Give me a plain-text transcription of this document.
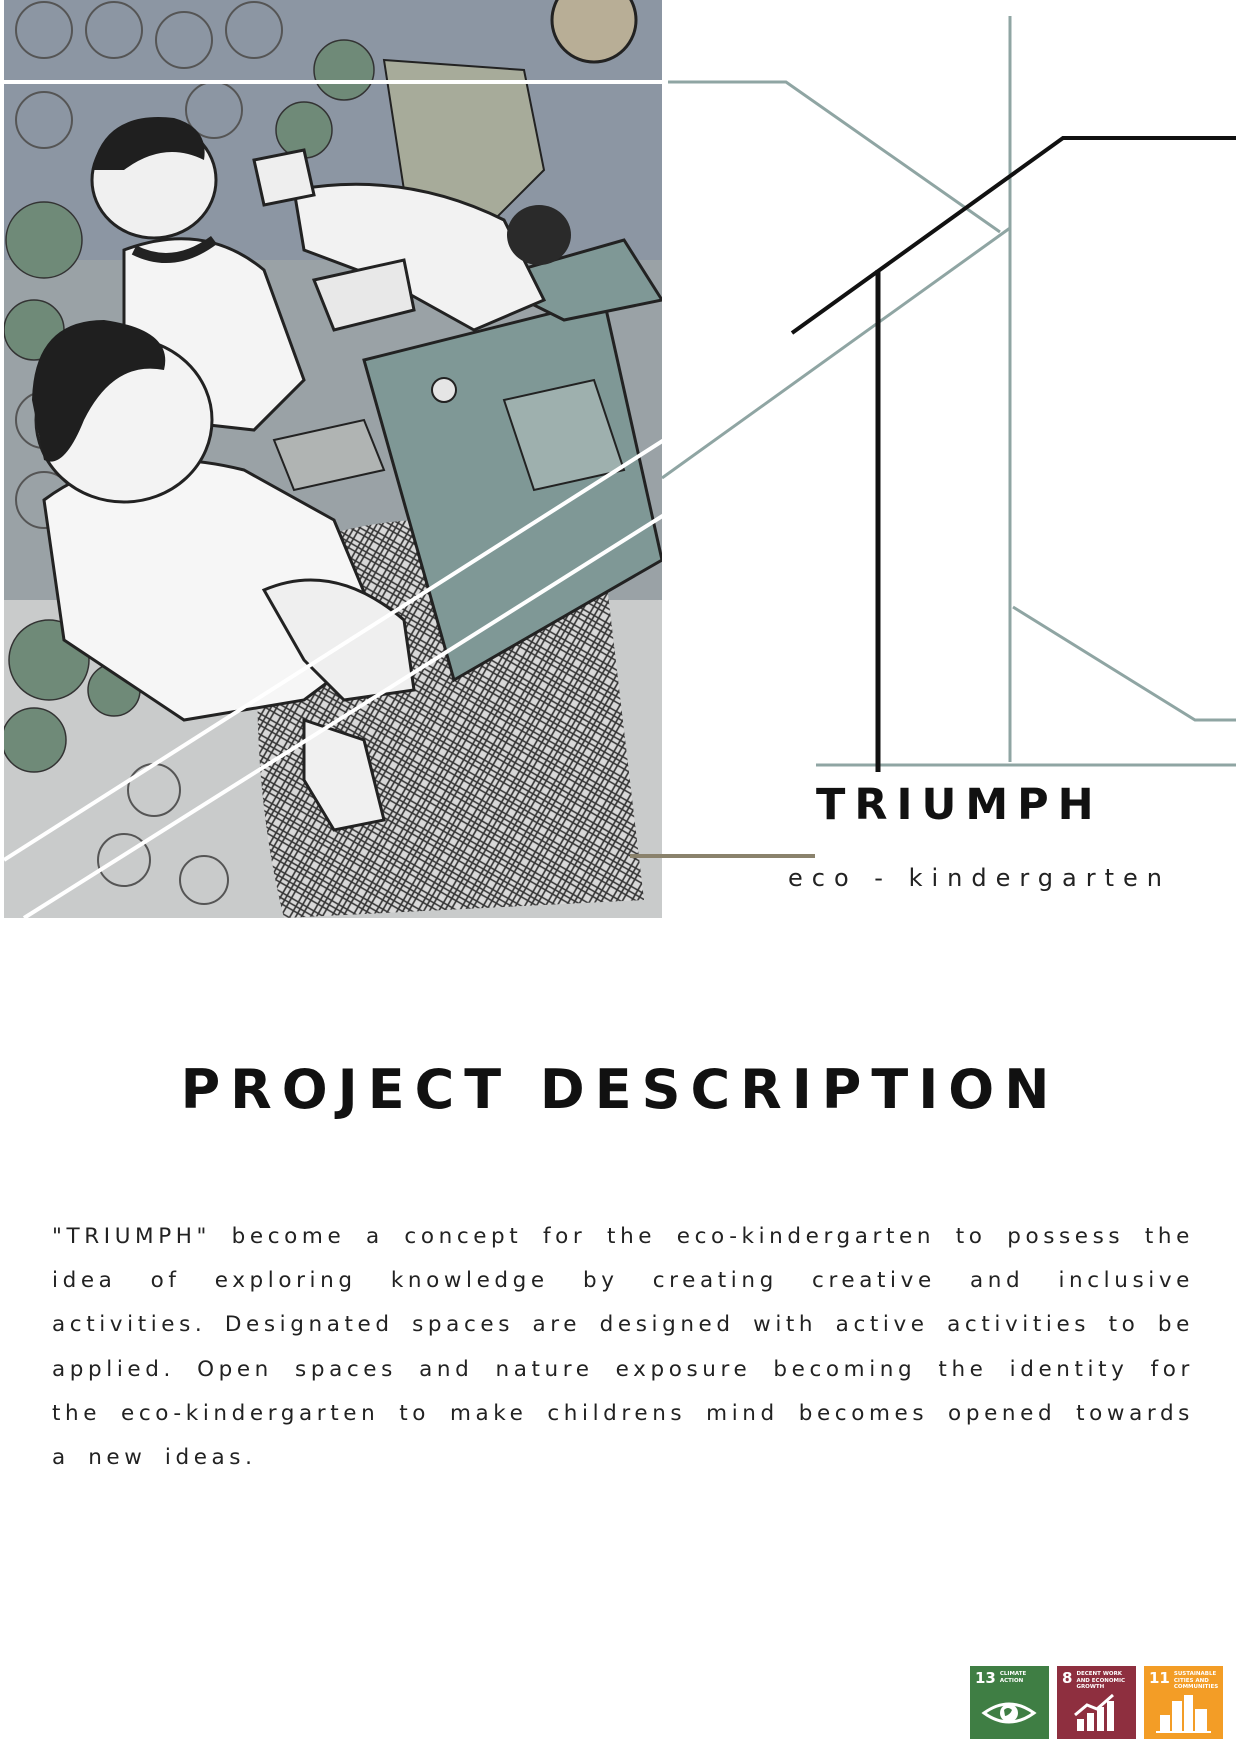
TRIUMPH

eco - kindergarten

PROJECT DESCRIPTION

"TRIUMPH" become a concept for the eco-kindergarten to possess the idea of exploring knowledge by creating creative and inclusive activities. Designated spaces are designed with active activities to be applied. Open spaces and nature exposure becoming the identity for the eco-kindergarten to make childrens mind becomes opened towards a new ideas.

13 CLIMATE ACTION	8 DECENT WORK AND ECONOMIC GROWTH	11 SUSTAINABLE CITIES AND COMMUNITIES
